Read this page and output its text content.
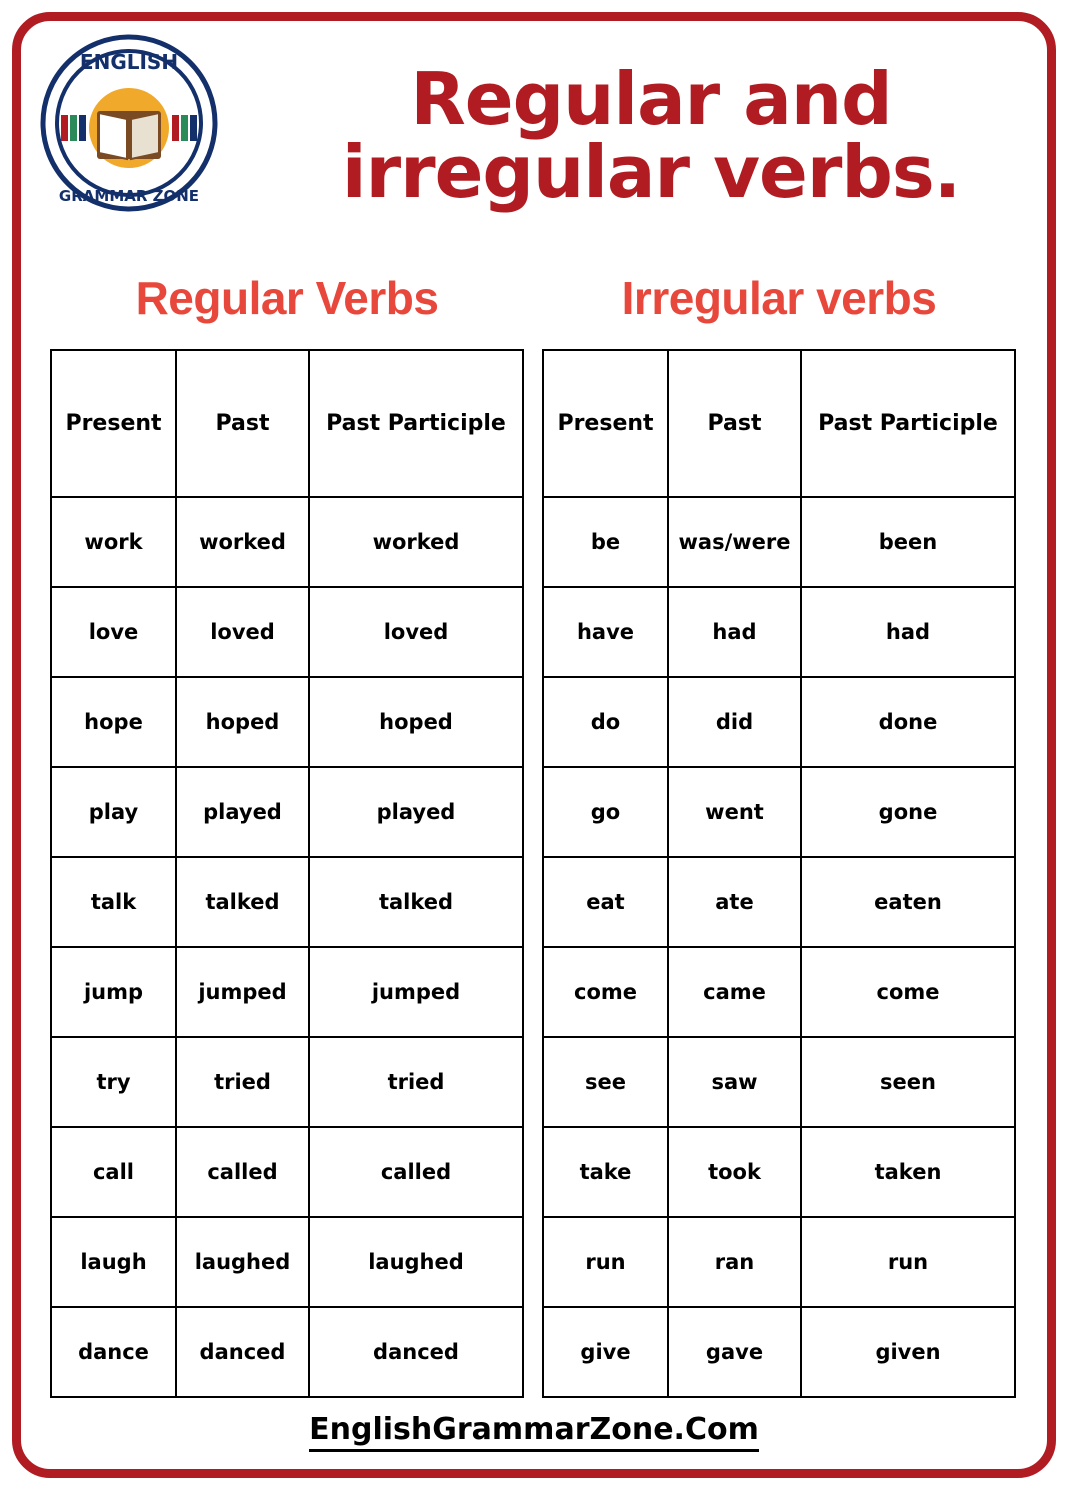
ENGLISH
GRAMMAR ZONE
Regular and
irregular verbs.
Regular Verbs
Present	Past	Past Participle
work	worked	worked
love	loved	loved
hope	hoped	hoped
play	played	played
talk	talked	talked
jump	jumped	jumped
try	tried	tried
call	called	called
laugh	laughed	laughed
dance	danced	danced
Irregular verbs
Present	Past	Past Participle
be	was/were	been
have	had	had
do	did	done
go	went	gone
eat	ate	eaten
come	came	come
see	saw	seen
take	took	taken
run	ran	run
give	gave	given
EnglishGrammarZone.Com
